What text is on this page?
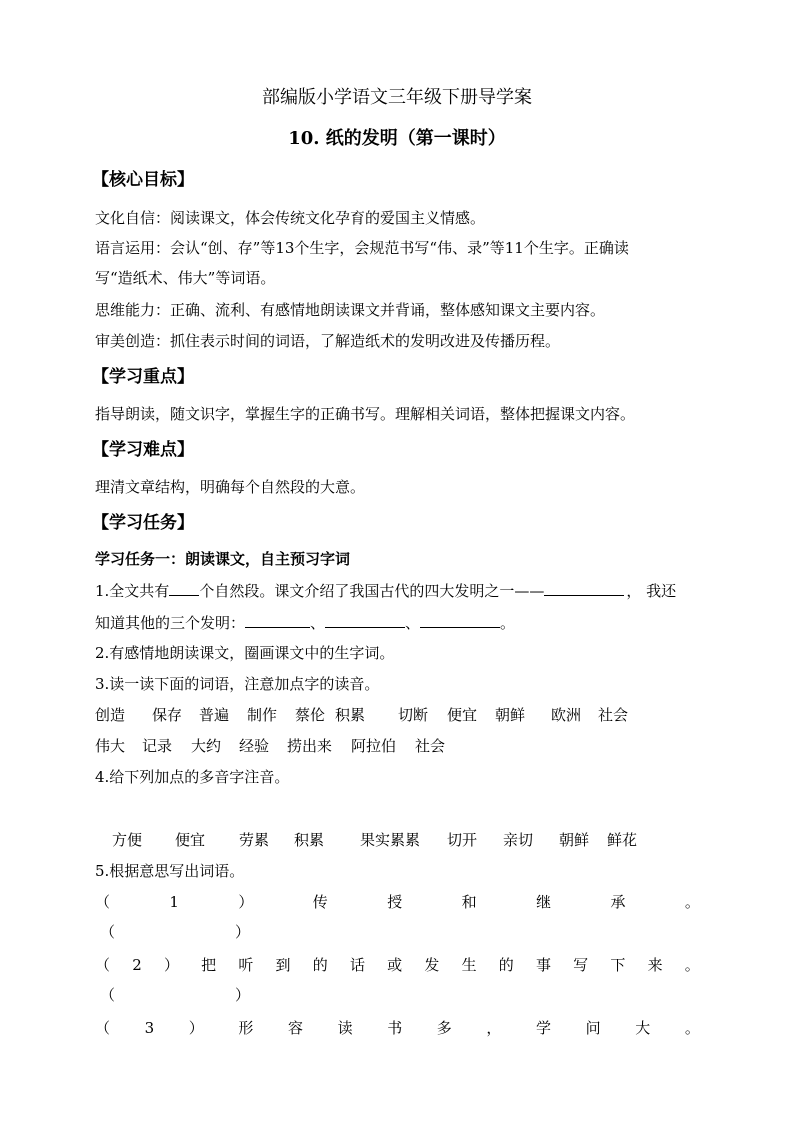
部编版小学语文三年级下册导学案
10. 纸的发明（第一课时）
【核心目标】
文化自信：阅读课文，体会传统文化孕育的爱国主义情感。
语言运用：会认“创、存”等13个生字，会规范书写“伟、录”等11个生字。正确读
写“造纸术、伟大”等词语。
思维能力：正确、流利、有感情地朗读课文并背诵，整体感知课文主要内容。
审美创造：抓住表示时间的词语，了解造纸术的发明改进及传播历程。
【学习重点】
指导朗读，随文识字，掌握生字的正确书写。理解相关词语，整体把握课文内容。
【学习难点】
理清文章结构，明确每个自然段的大意。
【学习任务】
学习任务一：朗读课文，自主预习字词
1.全文共有 个自然段。课文介绍了我国古代的四大发明之一——	， 我还
知道其他的三个发明：	、	、	。
2.有感情地朗读课文，圈画课文中的生字词。
3.读一读下面的词语，注意加点字的读音。
创造 保存 普遍 制作 蔡伦 积累 切断 便宜 朝鲜 欧洲 社会
伟大 记录 大约 经验 捞出来 阿拉伯 社会
4.给下列加点的多音字注音。
方便 便宜 劳累 积累 果实累累 切开 亲切 朝鲜 鲜花
5.根据意思写出词语。
（	1	）	传	授	和	继	承	。
（	）
（ 2 ） 把 听 到 的 话 或 发 生 的 事 写 下 来 。
（	）
（ 3 ） 形 容 读 书 多 ， 学 问 大 。
